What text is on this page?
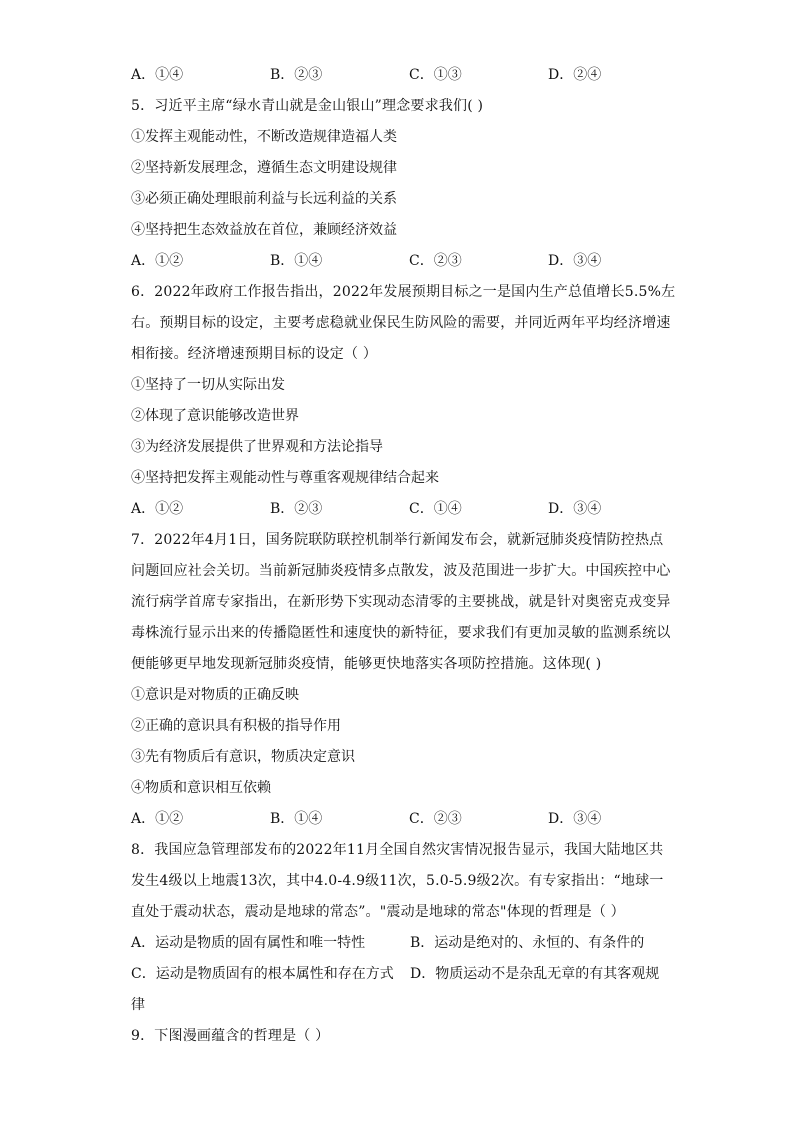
A．①④	B．②③	C．①③	D．②④
5．习近平主席“绿水青山就是金山银山”理念要求我们( )
①发挥主观能动性，不断改造规律造福人类
②坚持新发展理念，遵循生态文明建设规律
③必须正确处理眼前利益与长远利益的关系
④坚持把生态效益放在首位，兼顾经济效益
A．①②	B．①④	C．②③	D．③④
6．2022年政府工作报告指出，2022年发展预期目标之一是国内生产总值增长5.5%左
右。预期目标的设定，主要考虑稳就业保民生防风险的需要，并同近两年平均经济增速
相衔接。经济增速预期目标的设定（ ）
①坚持了一切从实际出发
②体现了意识能够改造世界
③为经济发展提供了世界观和方法论指导
④坚持把发挥主观能动性与尊重客观规律结合起来
A．①②	B．②③	C．①④	D．③④
7．2022年4月1日，国务院联防联控机制举行新闻发布会，就新冠肺炎疫情防控热点
问题回应社会关切。当前新冠肺炎疫情多点散发，波及范围进一步扩大。中国疾控中心
流行病学首席专家指出，在新形势下实现动态清零的主要挑战，就是针对奥密克戎变异
毒株流行显示出来的传播隐匿性和速度快的新特征，要求我们有更加灵敏的监测系统以
便能够更早地发现新冠肺炎疫情，能够更快地落实各项防控措施。这体现( )
①意识是对物质的正确反映
②正确的意识具有积极的指导作用
③先有物质后有意识，物质决定意识
④物质和意识相互依赖
A．①②	B．①④	C．②③	D．③④
8．我国应急管理部发布的2022年11月全国自然灾害情况报告显示，我国大陆地区共
发生4级以上地震13次，其中4.0-4.9级11次，5.0-5.9级2次。有专家指出：“地球一
直处于震动状态，震动是地球的常态”。"震动是地球的常态"体现的哲理是（ ）
A．运动是物质的固有属性和唯一特性	B．运动是绝对的、永恒的、有条件的
C．运动是物质固有的根本属性和存在方式	D．物质运动不是杂乱无章的有其客观规
律
9．下图漫画蕴含的哲理是（ ）
